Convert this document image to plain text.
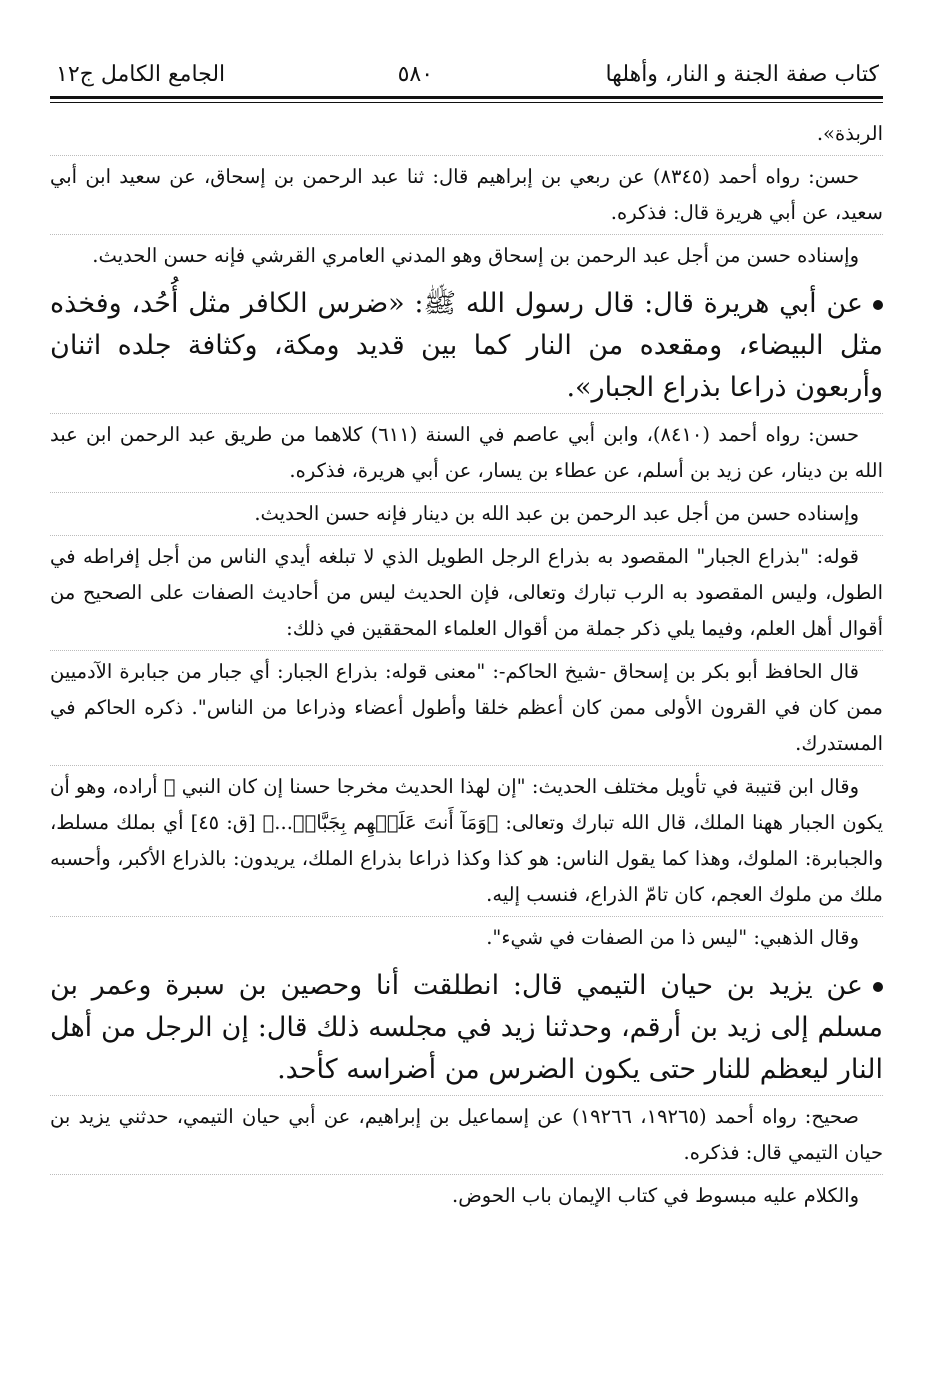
كتاب صفة الجنة و النار، وأهلها
٥٨٠
الجامع الكامل ج١٢

الربذة».

حسن: رواه أحمد (٨٣٤٥) عن ربعي بن إبراهيم قال: ثنا عبد الرحمن بن إسحاق، عن سعيد ابن أبي سعيد، عن أبي هريرة قال: فذكره.

وإسناده حسن من أجل عبد الرحمن بن إسحاق وهو المدني العامري القرشي فإنه حسن الحديث.

عن أبي هريرة قال: قال رسول الله ﷺ: «ضرس الكافر مثل أُحُد، وفخذه مثل البيضاء، ومقعده من النار كما بين قديد ومكة، وكثافة جلده اثنان وأربعون ذراعا بذراع الجبار».

حسن: رواه أحمد (٨٤١٠)، وابن أبي عاصم في السنة (٦١١) كلاهما من طريق عبد الرحمن ابن عبد الله بن دينار، عن زيد بن أسلم، عن عطاء بن يسار، عن أبي هريرة، فذكره.

وإسناده حسن من أجل عبد الرحمن بن عبد الله بن دينار فإنه حسن الحديث.

قوله: "بذراع الجبار" المقصود به بذراع الرجل الطويل الذي لا تبلغه أيدي الناس من أجل إفراطه في الطول، وليس المقصود به الرب تبارك وتعالى، فإن الحديث ليس من أحاديث الصفات على الصحيح من أقوال أهل العلم، وفيما يلي ذكر جملة من أقوال العلماء المحققين في ذلك:

قال الحافظ أبو بكر بن إسحاق -شيخ الحاكم-: "معنى قوله: بذراع الجبار: أي جبار من جبابرة الآدميين ممن كان في القرون الأولى ممن كان أعظم خلقا وأطول أعضاء وذراعا من الناس". ذكره الحاكم في المستدرك.

وقال ابن قتيبة في تأويل مختلف الحديث: "إن لهذا الحديث مخرجا حسنا إن كان النبي ﷺ أراده، وهو أن يكون الجبار ههنا الملك، قال الله تبارك وتعالى: ﴿وَمَآ أَنتَ عَلَيۡهِم بِجَبَّارٖ...﴾ [ق: ٤٥] أي بملك مسلط، والجبابرة: الملوك، وهذا كما يقول الناس: هو كذا وكذا ذراعا بذراع الملك، يريدون: بالذراع الأكبر، وأحسبه ملك من ملوك العجم، كان تامّ الذراع، فنسب إليه.

وقال الذهبي: "ليس ذا من الصفات في شيء".

عن يزيد بن حيان التيمي قال: انطلقت أنا وحصين بن سبرة وعمر بن مسلم إلى زيد بن أرقم، وحدثنا زيد في مجلسه ذلك قال: إن الرجل من أهل النار ليعظم للنار حتى يكون الضرس من أضراسه كأحد.

صحيح: رواه أحمد (١٩٢٦٥، ١٩٢٦٦) عن إسماعيل بن إبراهيم، عن أبي حيان التيمي، حدثني يزيد بن حيان التيمي قال: فذكره.

والكلام عليه مبسوط في كتاب الإيمان باب الحوض.
